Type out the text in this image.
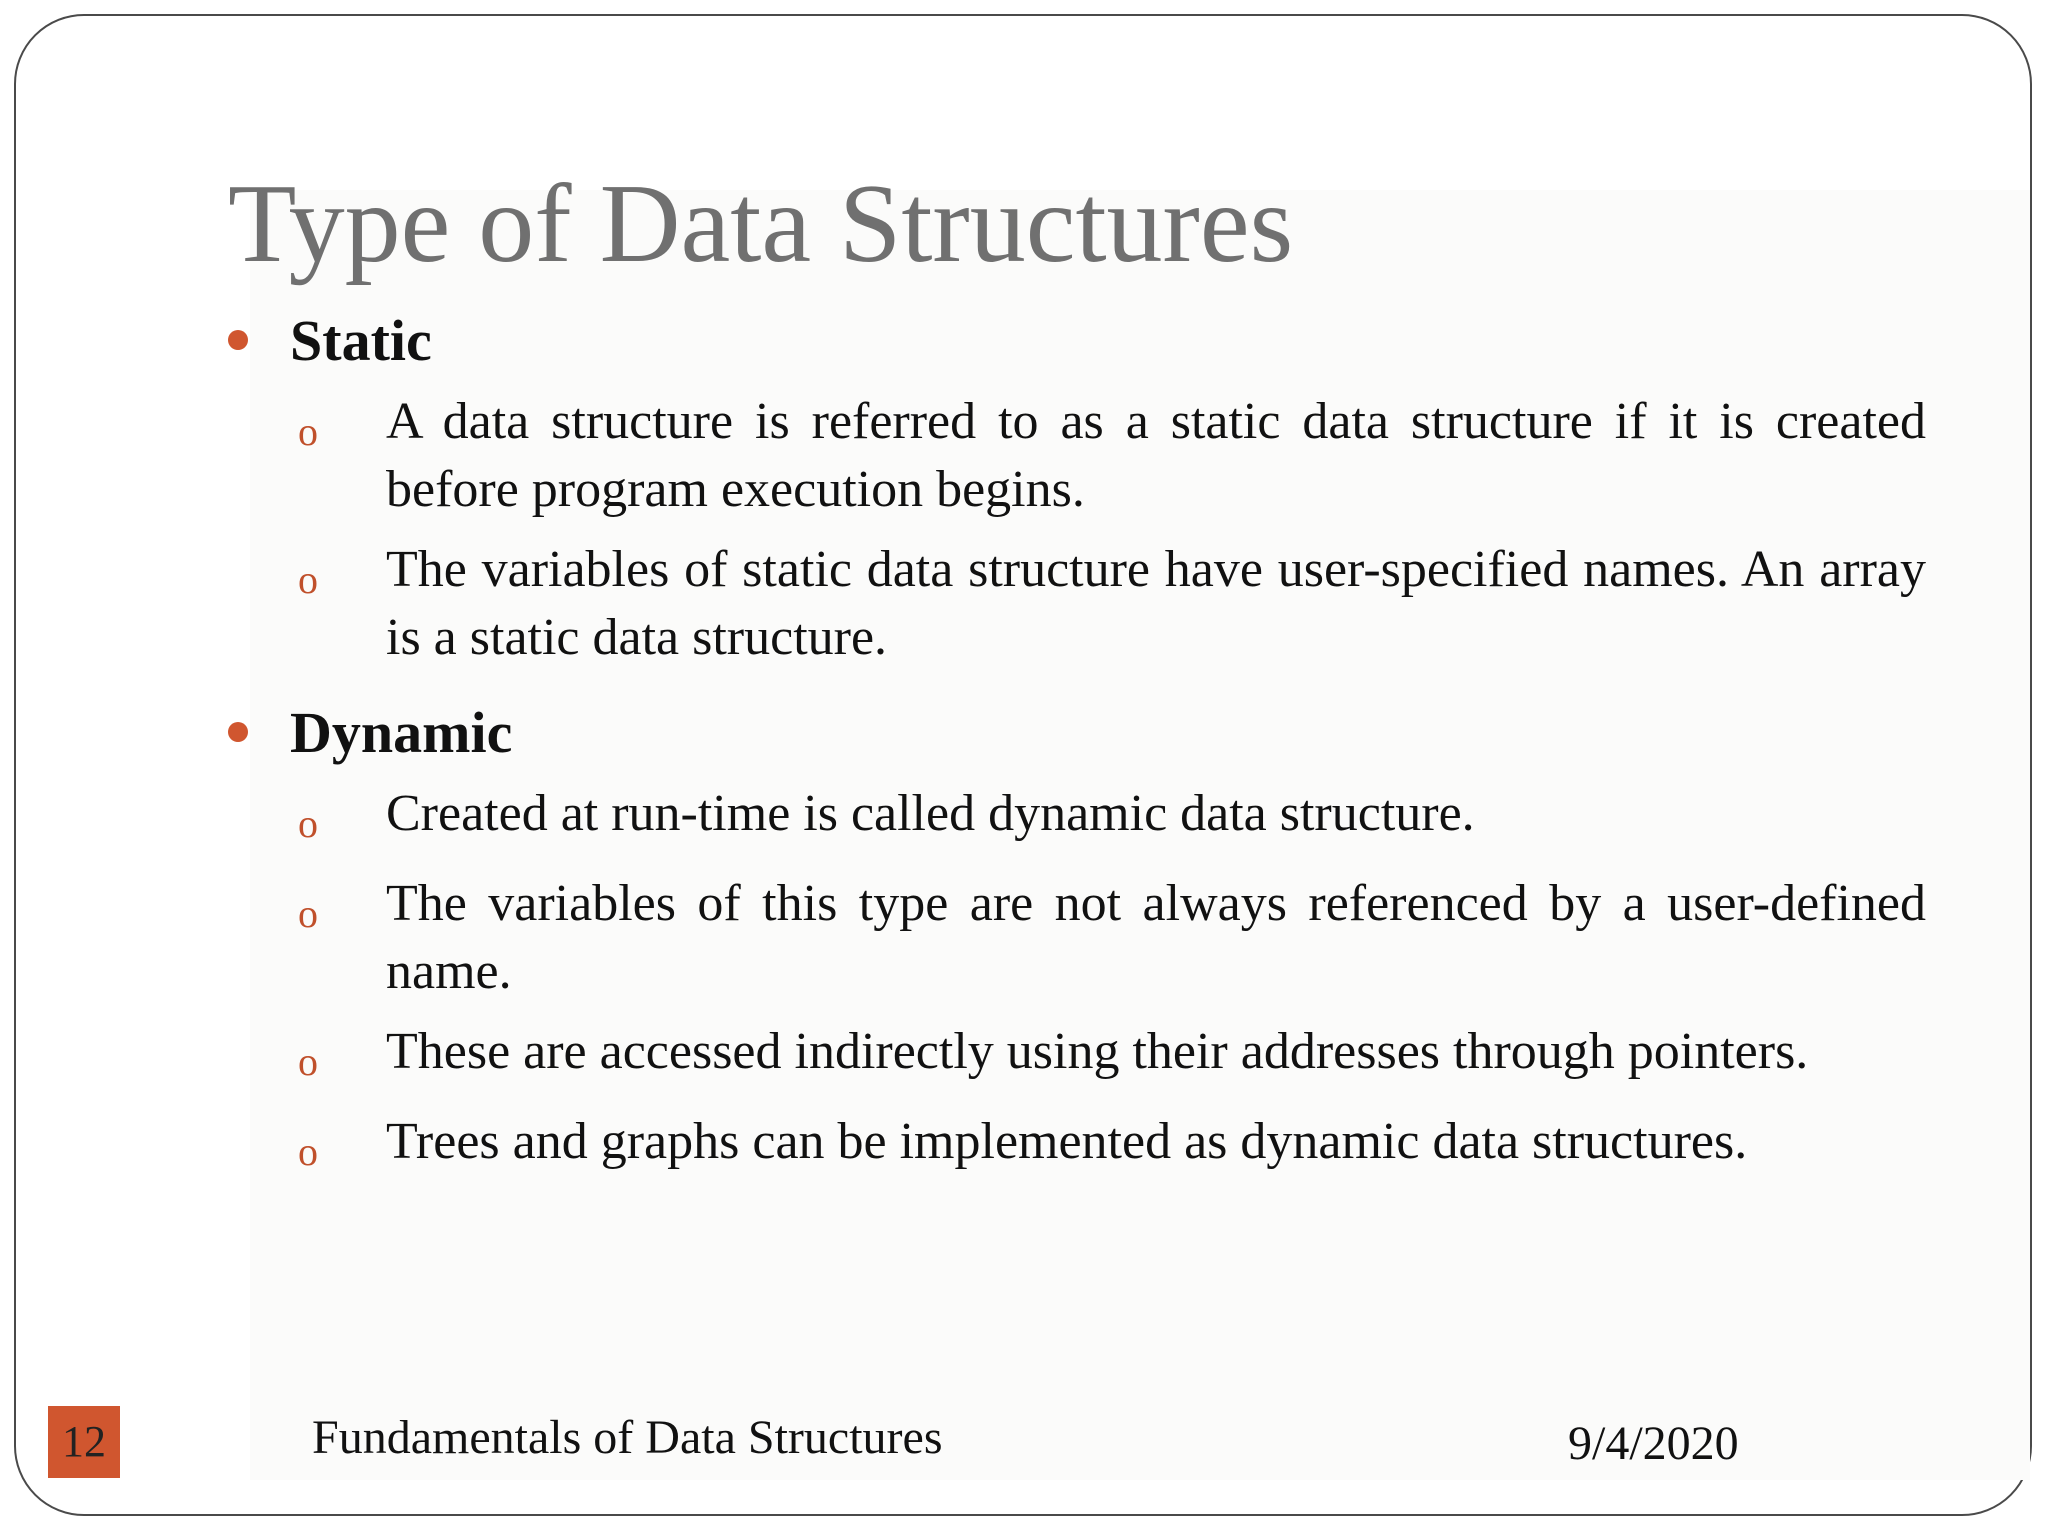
Type of Data Structures
Static
o	A data structure is referred to as a static data structure if it is created before program execution begins.
o	The variables of static data structure have user-specified names. An array is a static data structure.
Dynamic
o	Created at run-time is called dynamic data structure.
o	The variables of this type are not always referenced by a user-defined name.
o	These are accessed indirectly using their addresses through pointers.
o	Trees and graphs can be implemented as dynamic data structures.
12	Fundamentals of Data Structures	9/4/2020
